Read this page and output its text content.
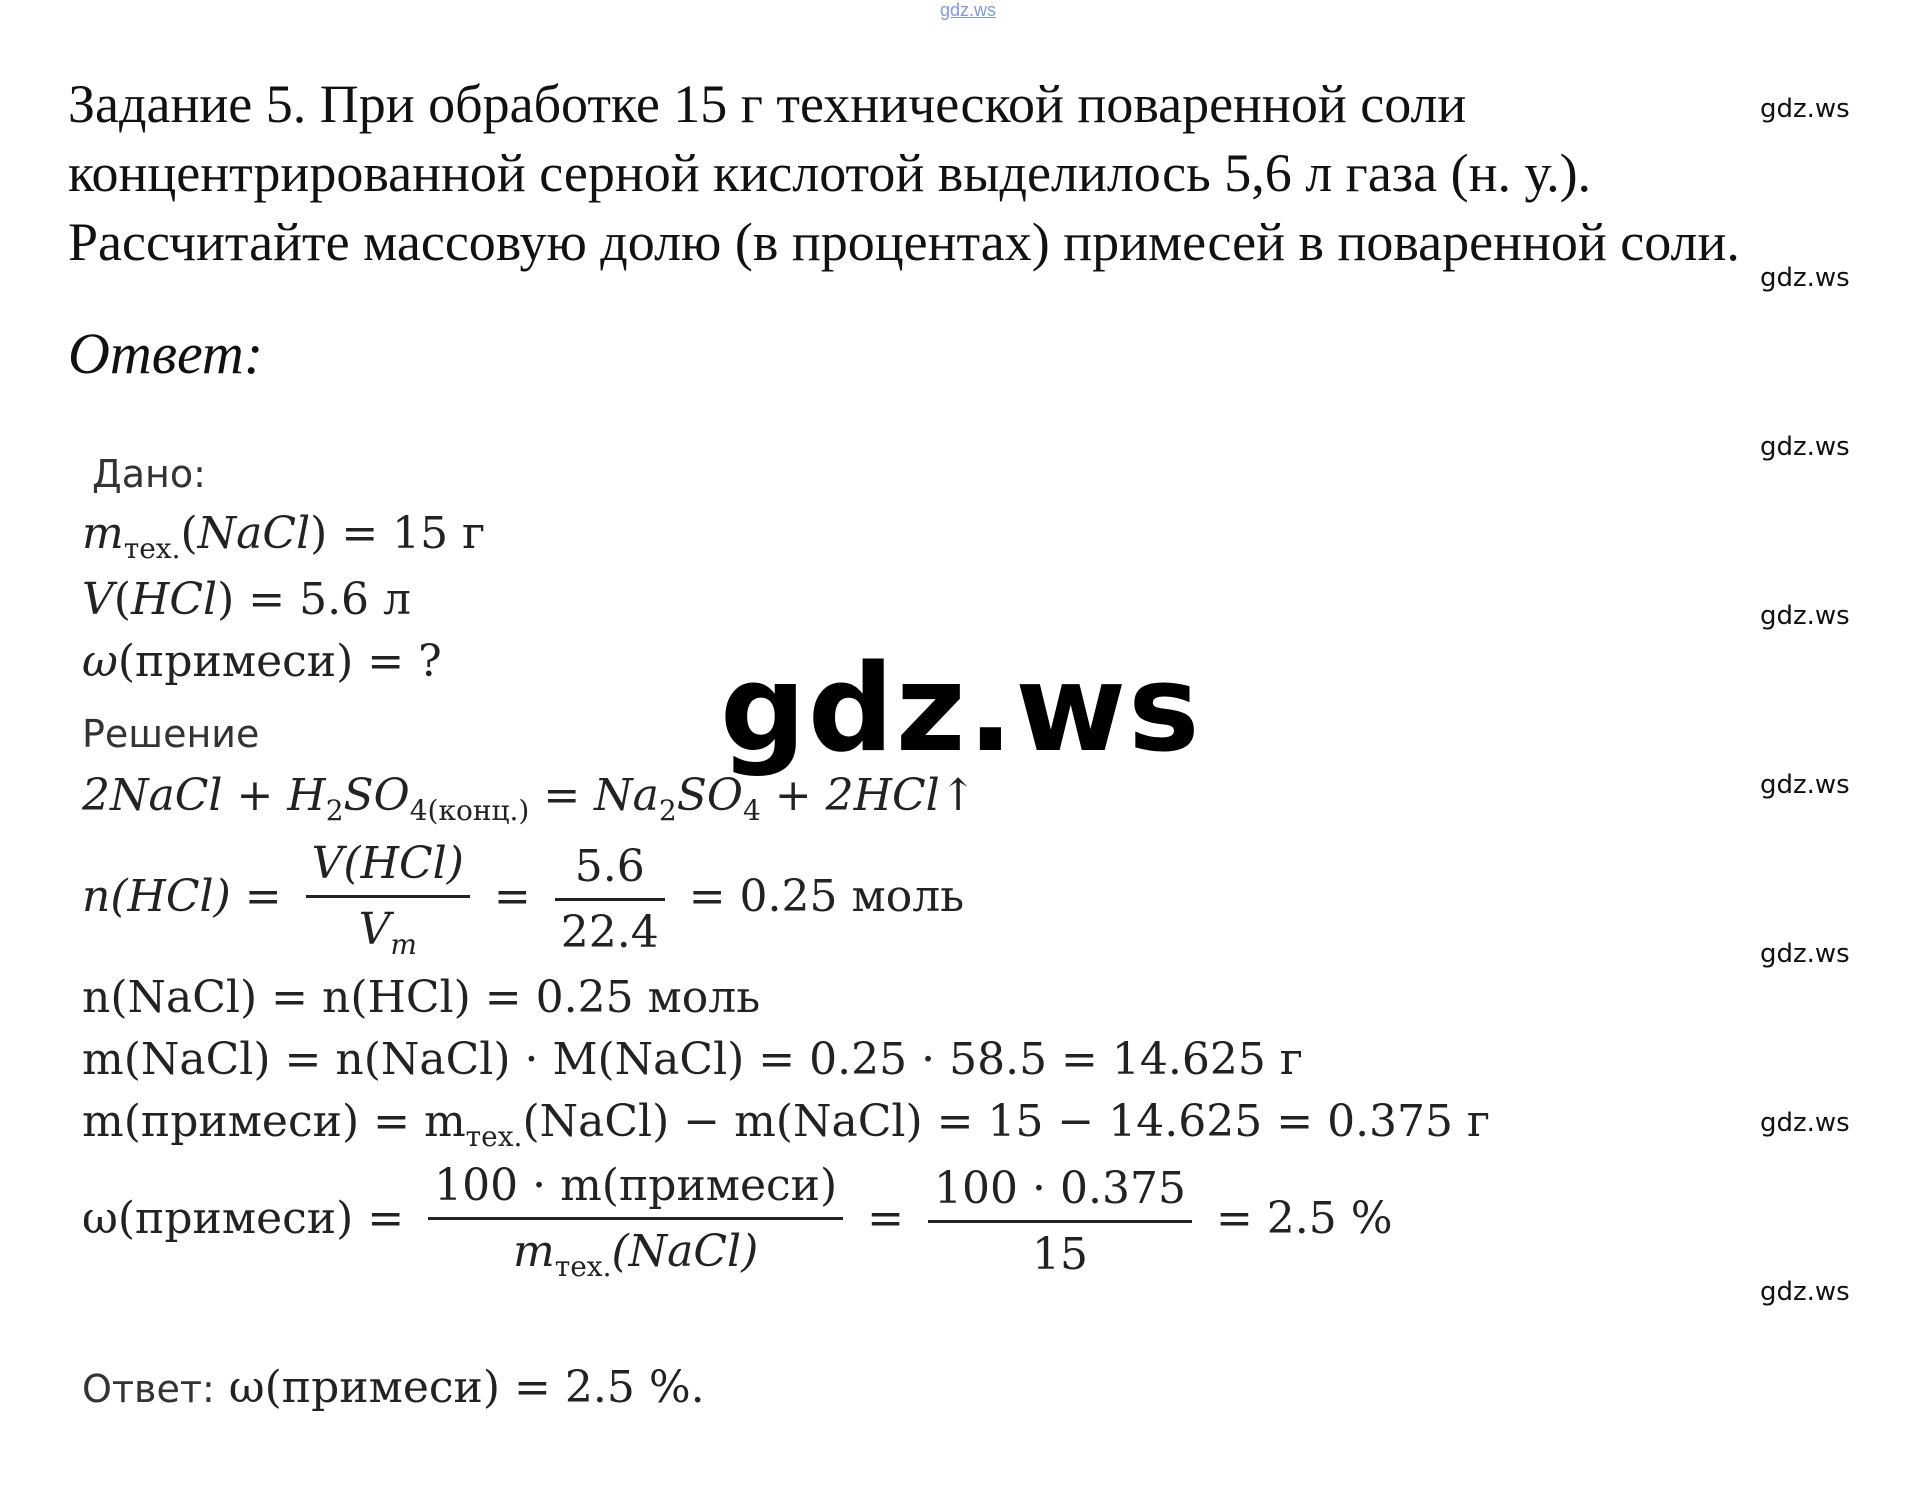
gdz.ws
Задание 5. При обработке 15 г технической поваренной соли
концентрированной серной кислотой выделилось 5,6 л газа (н. у.).
Рассчитайте массовую долю (в процентах) примесей в поваренной соли.
Ответ:
gdz.ws
gdz.ws
gdz.ws
gdz.ws
gdz.ws
gdz.ws
gdz.ws
gdz.ws
gdz.ws
Дано:
$m_{тех.}(NaCl) = 15$ г
V(HCl) = 5.6 л
ω(примеси) = ?
Решение
2NaCl + $H_2SO_{4(конц.)} = Na_2SO_4$ + 2HCl↑
$n(HCl) = \frac{\text{V(HCl)}}{V_m} = \frac{5.6}{22.4} = 0.25$ моль
n(NaCl) = n(HCl) = 0.25 моль
m(NaCl) = n(NaCl) · M(NaCl) = 0.25 · 58.5 = 14.625 г
m(примеси) = $m_{тех.}(NaCl)$ − m(NaCl) = 15 − 14.625 = 0.375 г
ω(примеси) = $\frac{\text{100 · m(примеси)}}{m_{тех.}(NaCl)} = \frac{100 \cdot 0.375}{15} = 2.5$ %
Ответ: ω(примеси) = 2.5 %.
